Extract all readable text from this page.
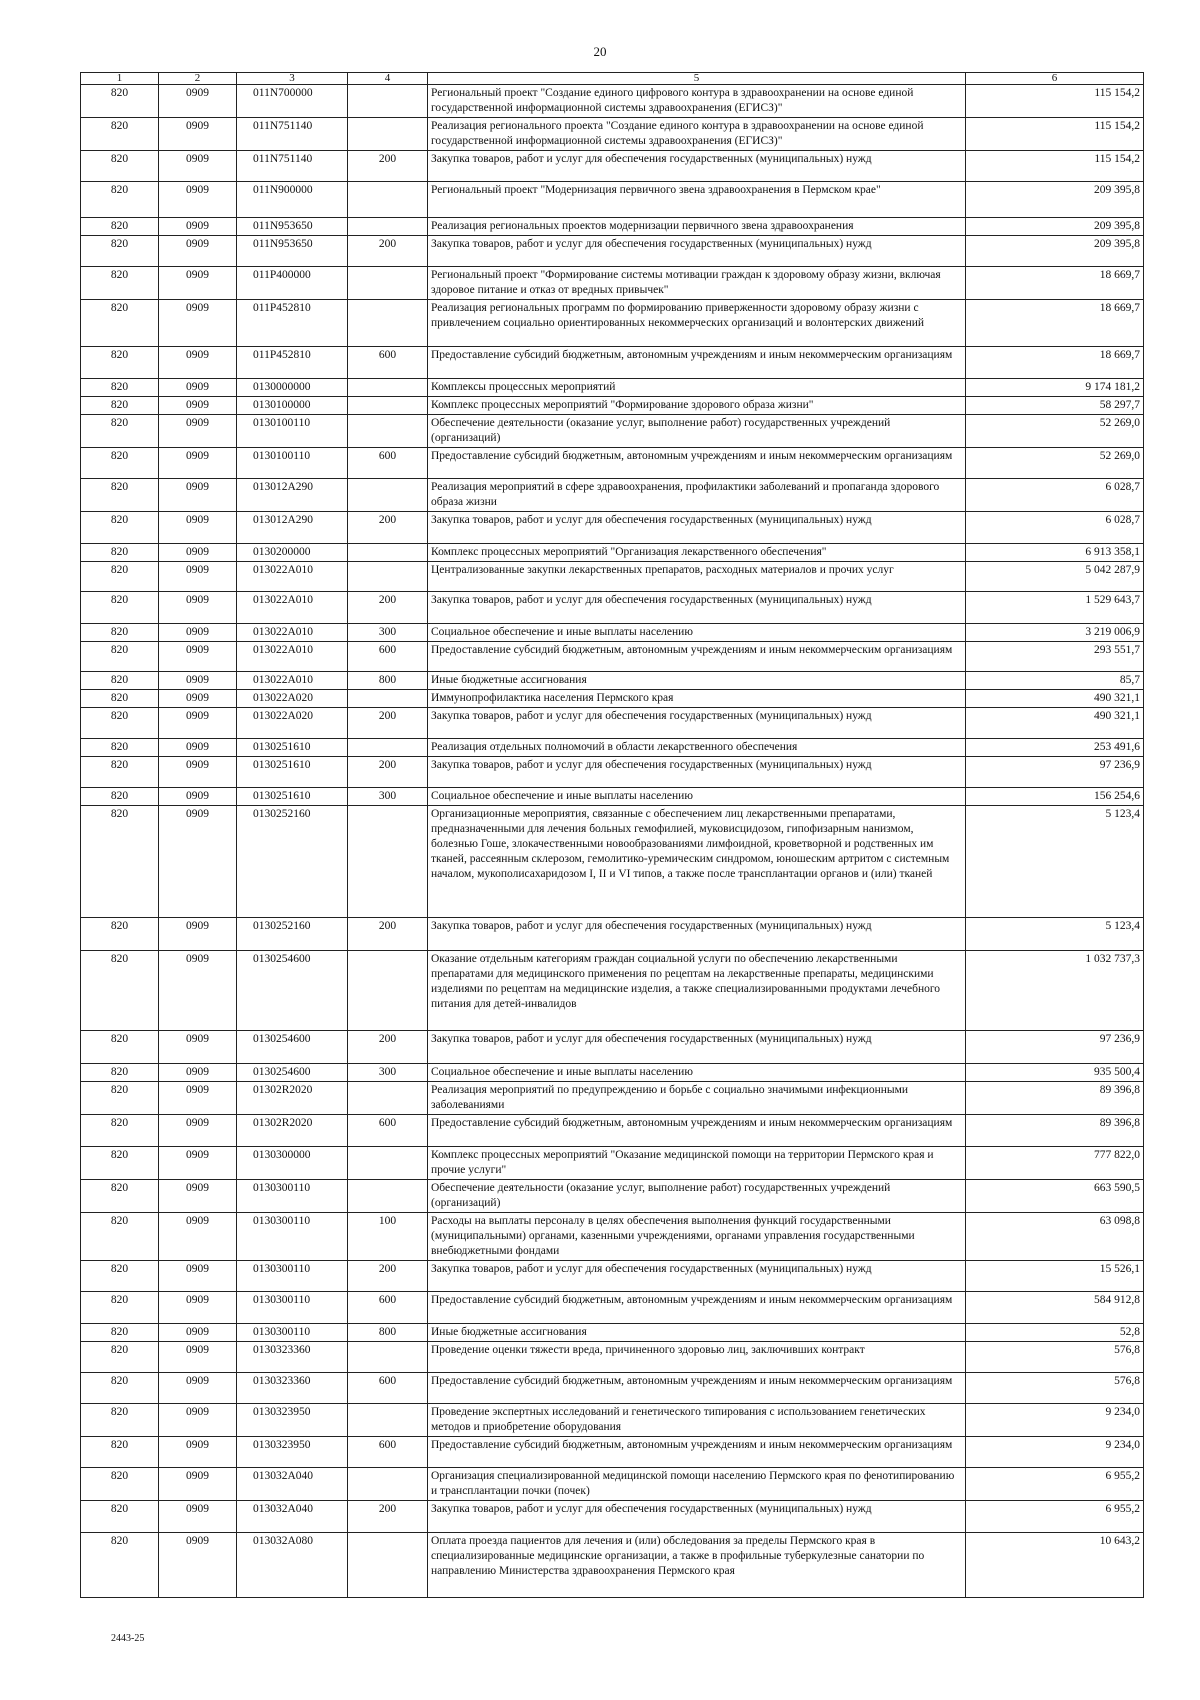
20
1	2	3	4	5	6
820	0909	011N700000		Региональный проект "Создание единого цифрового контура в здравоохранении на основе единой государственной информационной системы здравоохранения (ЕГИСЗ)"	115 154,2
820	0909	011N751140		Реализация регионального проекта "Создание единого контура в здравоохранении на основе единой государственной информационной системы здравоохранения (ЕГИСЗ)"	115 154,2
820	0909	011N751140	200	Закупка товаров, работ и услуг для обеспечения государственных (муниципальных) нужд	115 154,2
820	0909	011N900000		Региональный проект "Модернизация первичного звена здравоохранения в Пермском крае"	209 395,8
820	0909	011N953650		Реализация региональных проектов модернизации первичного звена здравоохранения	209 395,8
820	0909	011N953650	200	Закупка товаров, работ и услуг для обеспечения государственных (муниципальных) нужд	209 395,8
820	0909	011P400000		Региональный проект "Формирование системы мотивации граждан к здоровому образу жизни, включая здоровое питание и отказ от вредных привычек"	18 669,7
820	0909	011P452810		Реализация региональных программ по формированию приверженности здоровому образу жизни с привлечением социально ориентированных некоммерческих организаций и волонтерских движений	18 669,7
820	0909	011P452810	600	Предоставление субсидий бюджетным, автономным учреждениям и иным некоммерческим организациям	18 669,7
820	0909	0130000000		Комплексы процессных мероприятий	9 174 181,2
820	0909	0130100000		Комплекс процессных мероприятий "Формирование здорового образа жизни"	58 297,7
820	0909	0130100110		Обеспечение деятельности (оказание услуг, выполнение работ) государственных учреждений (организаций)	52 269,0
820	0909	0130100110	600	Предоставление субсидий бюджетным, автономным учреждениям и иным некоммерческим организациям	52 269,0
820	0909	013012A290		Реализация мероприятий в сфере здравоохранения, профилактики заболеваний и пропаганда здорового образа жизни	6 028,7
820	0909	013012A290	200	Закупка товаров, работ и услуг для обеспечения государственных (муниципальных) нужд	6 028,7
820	0909	0130200000		Комплекс процессных мероприятий "Организация лекарственного обеспечения"	6 913 358,1
820	0909	013022A010		Централизованные закупки лекарственных препаратов, расходных материалов и прочих услуг	5 042 287,9
820	0909	013022A010	200	Закупка товаров, работ и услуг для обеспечения государственных (муниципальных) нужд	1 529 643,7
820	0909	013022A010	300	Социальное обеспечение и иные выплаты населению	3 219 006,9
820	0909	013022A010	600	Предоставление субсидий бюджетным, автономным учреждениям и иным некоммерческим организациям	293 551,7
820	0909	013022A010	800	Иные бюджетные ассигнования	85,7
820	0909	013022A020		Иммунопрофилактика населения Пермского края	490 321,1
820	0909	013022A020	200	Закупка товаров, работ и услуг для обеспечения государственных (муниципальных) нужд	490 321,1
820	0909	0130251610		Реализация отдельных полномочий в области лекарственного обеспечения	253 491,6
820	0909	0130251610	200	Закупка товаров, работ и услуг для обеспечения государственных (муниципальных) нужд	97 236,9
820	0909	0130251610	300	Социальное обеспечение и иные выплаты населению	156 254,6
820	0909	0130252160		Организационные мероприятия, связанные с обеспечением лиц лекарственными препаратами, предназначенными для лечения больных гемофилией, муковисцидозом, гипофизарным нанизмом, болезнью Гоше, злокачественными новообразованиями лимфоидной, кроветворной и родственных им тканей, рассеянным склерозом, гемолитико-уремическим синдромом, юношеским артритом с системным началом, мукополисахаридозом I, II и VI типов, а также после трансплантации органов и (или) тканей	5 123,4
820	0909	0130252160	200	Закупка товаров, работ и услуг для обеспечения государственных (муниципальных) нужд	5 123,4
820	0909	0130254600		Оказание отдельным категориям граждан социальной услуги по обеспечению лекарственными препаратами для медицинского применения по рецептам на лекарственные препараты, медицинскими изделиями по рецептам на медицинские изделия, а также специализированными продуктами лечебного питания для детей-инвалидов	1 032 737,3
820	0909	0130254600	200	Закупка товаров, работ и услуг для обеспечения государственных (муниципальных) нужд	97 236,9
820	0909	0130254600	300	Социальное обеспечение и иные выплаты населению	935 500,4
820	0909	01302R2020		Реализация мероприятий по предупреждению и борьбе с социально значимыми инфекционными заболеваниями	89 396,8
820	0909	01302R2020	600	Предоставление субсидий бюджетным, автономным учреждениям и иным некоммерческим организациям	89 396,8
820	0909	0130300000		Комплекс процессных мероприятий "Оказание медицинской помощи на территории Пермского края и прочие услуги"	777 822,0
820	0909	0130300110		Обеспечение деятельности (оказание услуг, выполнение работ) государственных учреждений (организаций)	663 590,5
820	0909	0130300110	100	Расходы на выплаты персоналу в целях обеспечения выполнения функций государственными (муниципальными) органами, казенными учреждениями, органами управления государственными внебюджетными фондами	63 098,8
820	0909	0130300110	200	Закупка товаров, работ и услуг для обеспечения государственных (муниципальных) нужд	15 526,1
820	0909	0130300110	600	Предоставление субсидий бюджетным, автономным учреждениям и иным некоммерческим организациям	584 912,8
820	0909	0130300110	800	Иные бюджетные ассигнования	52,8
820	0909	0130323360		Проведение оценки тяжести вреда, причиненного здоровью лиц, заключивших контракт	576,8
820	0909	0130323360	600	Предоставление субсидий бюджетным, автономным учреждениям и иным некоммерческим организациям	576,8
820	0909	0130323950		Проведение экспертных исследований и генетического типирования с использованием генетических методов и приобретение оборудования	9 234,0
820	0909	0130323950	600	Предоставление субсидий бюджетным, автономным учреждениям и иным некоммерческим организациям	9 234,0
820	0909	013032A040		Организация специализированной медицинской помощи населению Пермского края по фенотипированию и трансплантации почки (почек)	6 955,2
820	0909	013032A040	200	Закупка товаров, работ и услуг для обеспечения государственных (муниципальных) нужд	6 955,2
820	0909	013032A080		Оплата проезда пациентов для лечения и (или) обследования за пределы Пермского края в специализированные медицинские организации, а также в профильные туберкулезные санатории по направлению Министерства здравоохранения Пермского края	10 643,2
2443-25
